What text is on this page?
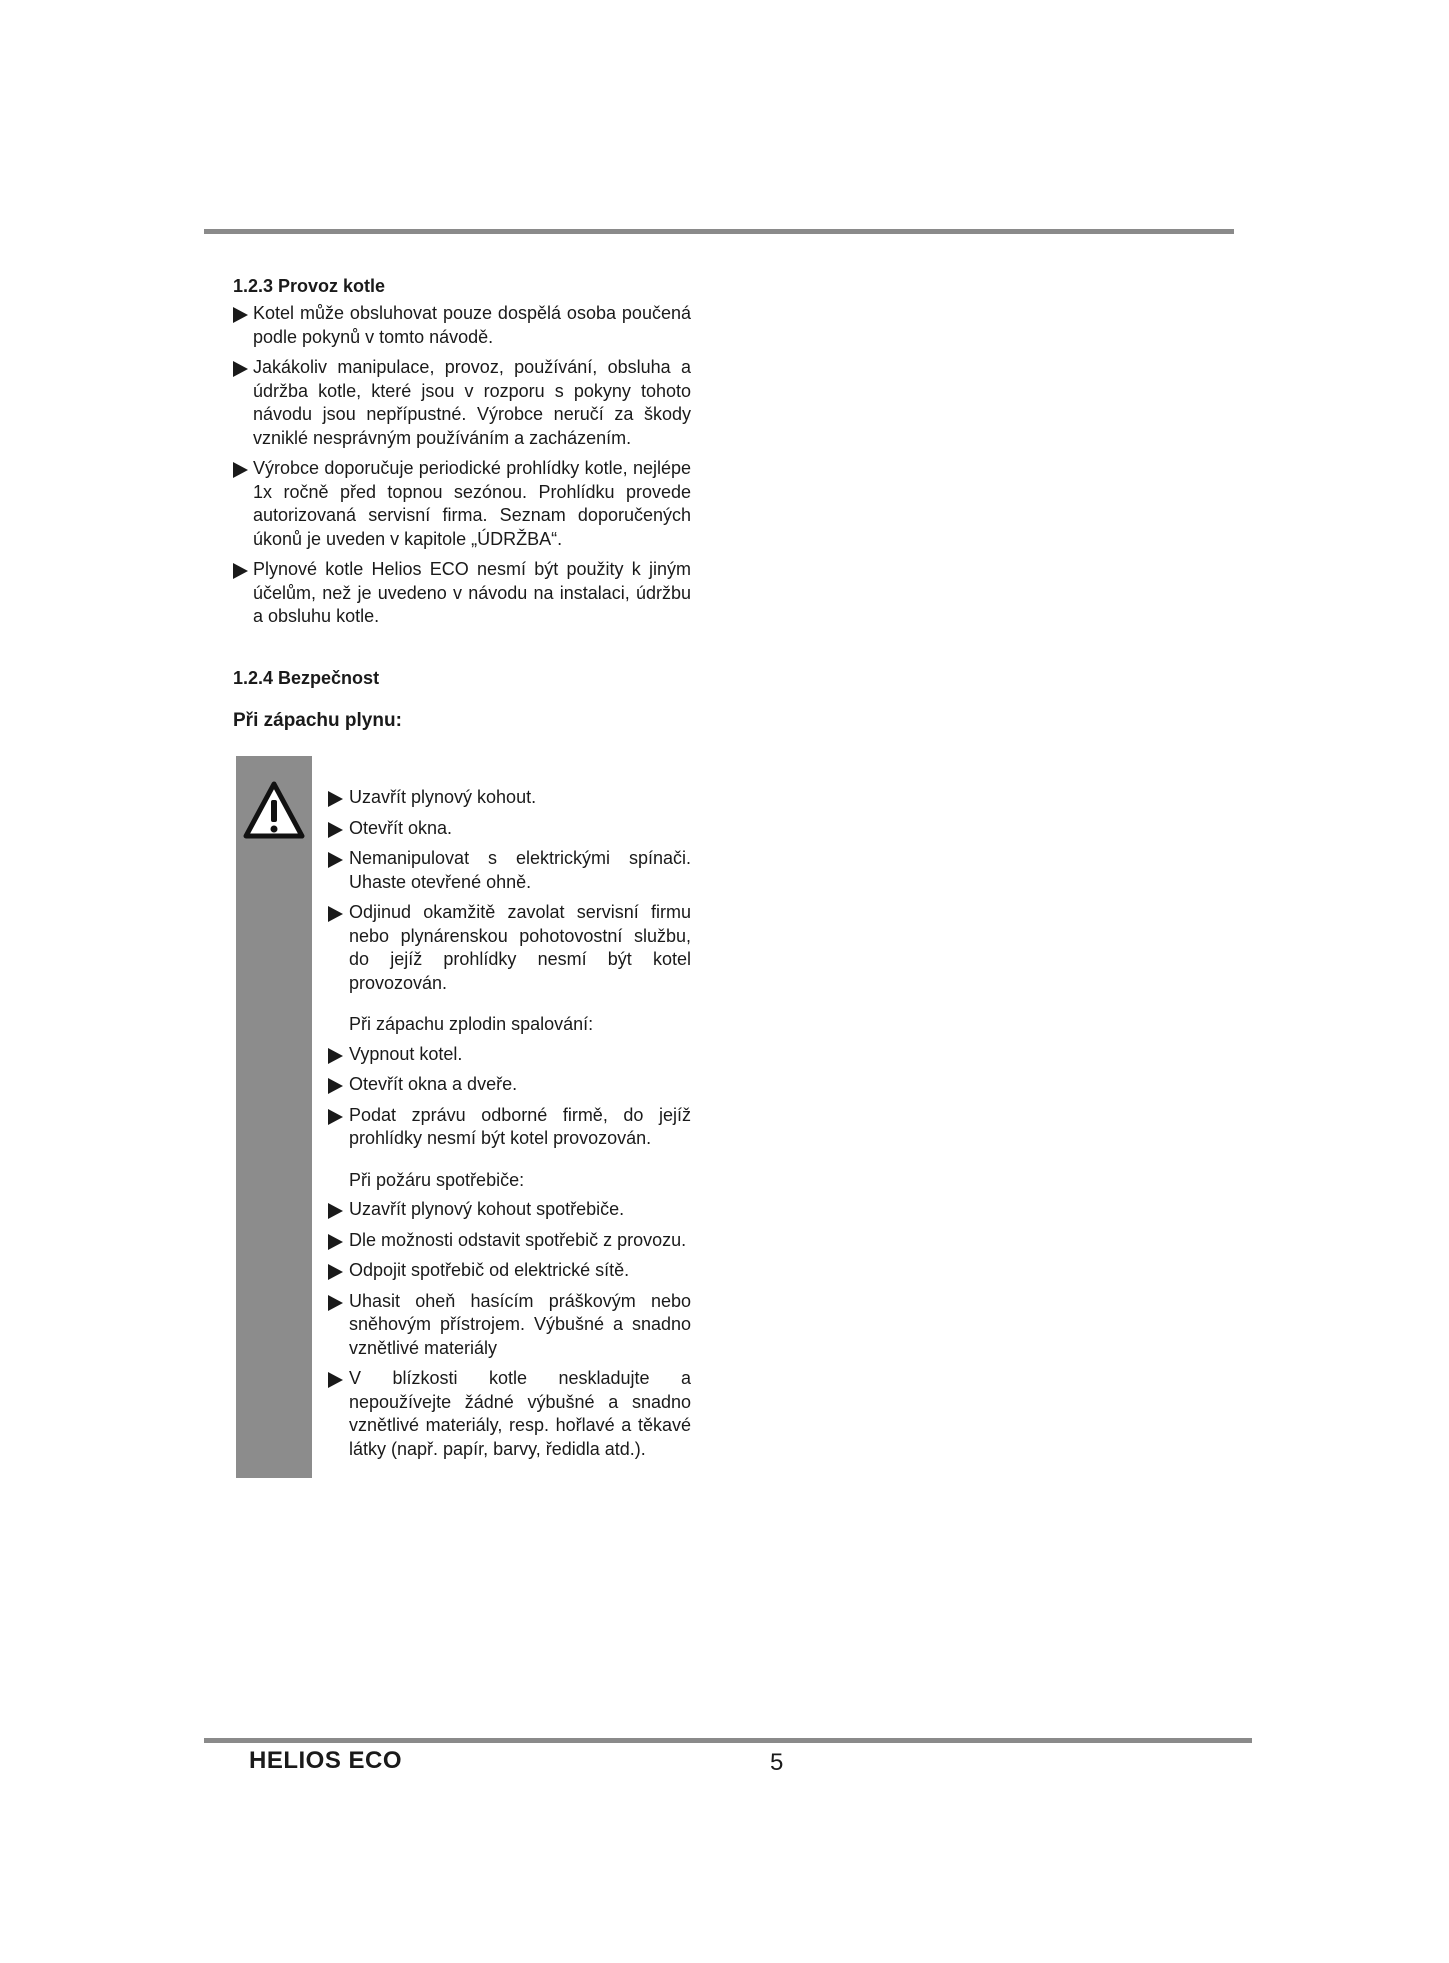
1.2.3 Provoz kotle
Kotel může obsluhovat pouze dospělá osoba poučená podle pokynů v tomto návodě.
Jakákoliv manipulace, provoz, používání, obsluha a údržba kotle, které jsou v rozporu s pokyny tohoto návodu jsou nepřípustné. Výrobce neručí za škody vzniklé nesprávným používáním a zacházením.
Výrobce doporučuje periodické prohlídky kotle, nejlépe 1x ročně před topnou sezónou. Prohlídku provede autorizovaná servisní firma. Seznam doporučených úkonů je uveden v kapitole „ÚDRŽBA“.
Plynové kotle Helios ECO nesmí být použity k jiným účelům, než je uvedeno v návodu na instalaci, údržbu a obsluhu kotle.
1.2.4 Bezpečnost
Při zápachu plynu:
Uzavřít plynový kohout.
Otevřít okna.
Nemanipulovat s elektrickými spínači. Uhaste otevřené ohně.
Odjinud okamžitě zavolat servisní firmu nebo plynárenskou pohotovostní službu, do jejíž prohlídky nesmí být kotel provozován.

Při zápachu zplodin spalování:

Vypnout kotel.
Otevřít okna a dveře.
Podat zprávu odborné firmě, do jejíž prohlídky nesmí být kotel provozován.

Při požáru spotřebiče:

Uzavřít plynový kohout spotřebiče.
Dle možnosti odstavit spotřebič z provozu.
Odpojit spotřebič od elektrické sítě.
Uhasit oheň hasícím práškovým nebo sněhovým přístrojem. Výbušné a snadno vznětlivé materiály
V blízkosti kotle neskladujte a nepoužívejte žádné výbušné a snadno vznětlivé materiály, resp. hořlavé a těkavé látky (např. papír, barvy, ředidla atd.).
HELIOS ECO	5
